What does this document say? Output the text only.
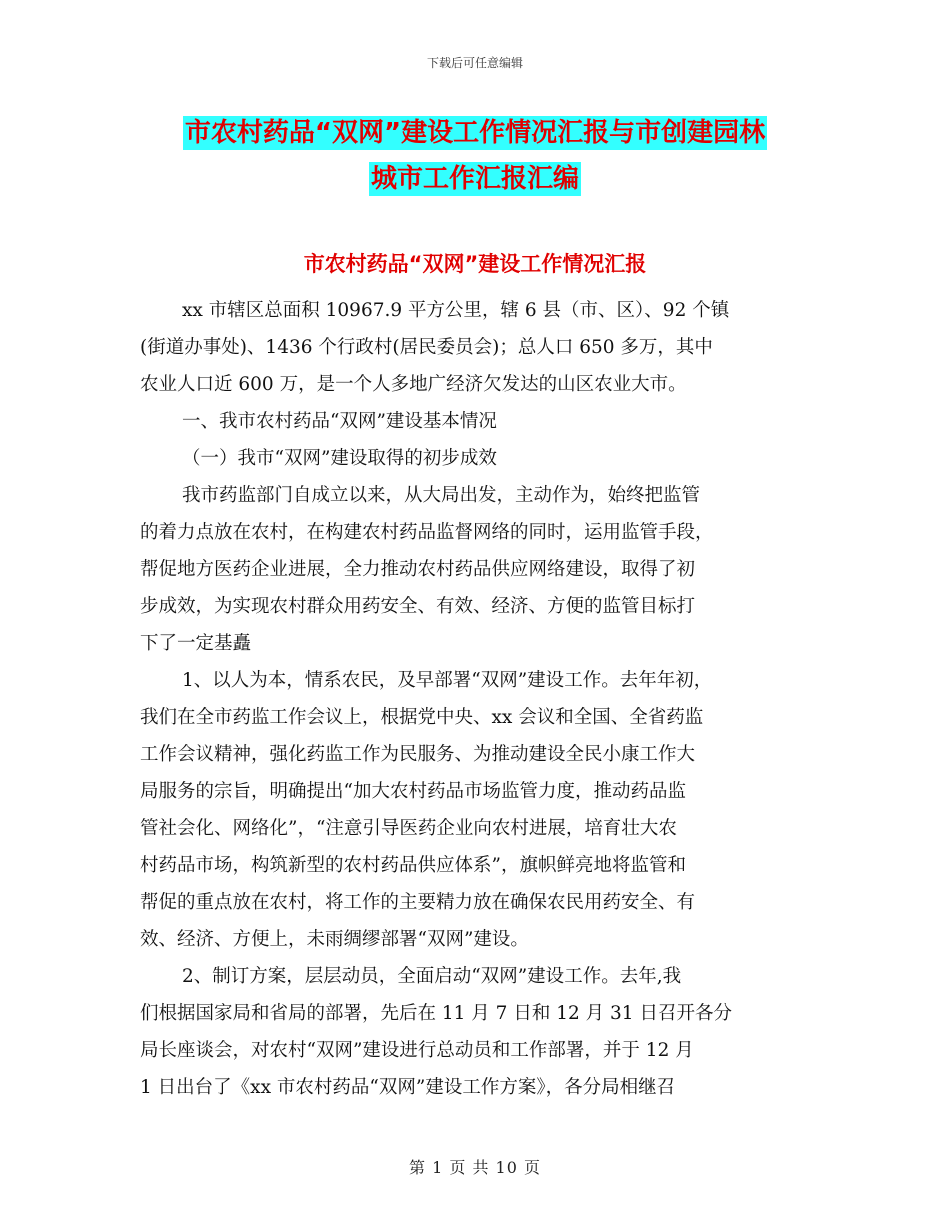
下载后可任意编辑
市农村药品“双网”建设工作情况汇报与市创建园林
城市工作汇报汇编
市农村药品“双网”建设工作情况汇报
xx 市辖区总面积 10967.9 平方公里，辖 6 县（市、区）、92 个镇
(街道办事处)、1436 个行政村(居民委员会)；总人口 650 多万，其中
农业人口近 600 万，是一个人多地广经济欠发达的山区农业大市。
一、我市农村药品“双网”建设基本情况
（一）我市“双网”建设取得的初步成效
我市药监部门自成立以来，从大局出发，主动作为，始终把监管
的着力点放在农村，在构建农村药品监督网络的同时，运用监管手段，
帮促地方医药企业进展，全力推动农村药品供应网络建设，取得了初
步成效，为实现农村群众用药安全、有效、经济、方便的监管目标打
下了一定基矗
1、以人为本，情系农民，及早部署“双网”建设工作。去年年初，
我们在全市药监工作会议上，根据党中央、xx 会议和全国、全省药监
工作会议精神，强化药监工作为民服务、为推动建设全民小康工作大
局服务的宗旨，明确提出“加大农村药品市场监管力度，推动药品监
管社会化、网络化”，“注意引导医药企业向农村进展，培育壮大农
村药品市场，构筑新型的农村药品供应体系”，旗帜鲜亮地将监管和
帮促的重点放在农村，将工作的主要精力放在确保农民用药安全、有
效、经济、方便上，未雨绸缪部署“双网”建设。
2、制订方案，层层动员，全面启动“双网”建设工作。去年,我
们根据国家局和省局的部署，先后在 11 月 7 日和 12 月 31 日召开各分
局长座谈会，对农村“双网”建设进行总动员和工作部署，并于 12 月
1 日出台了《xx 市农村药品“双网”建设工作方案》，各分局相继召
第 1 页 共 10 页
